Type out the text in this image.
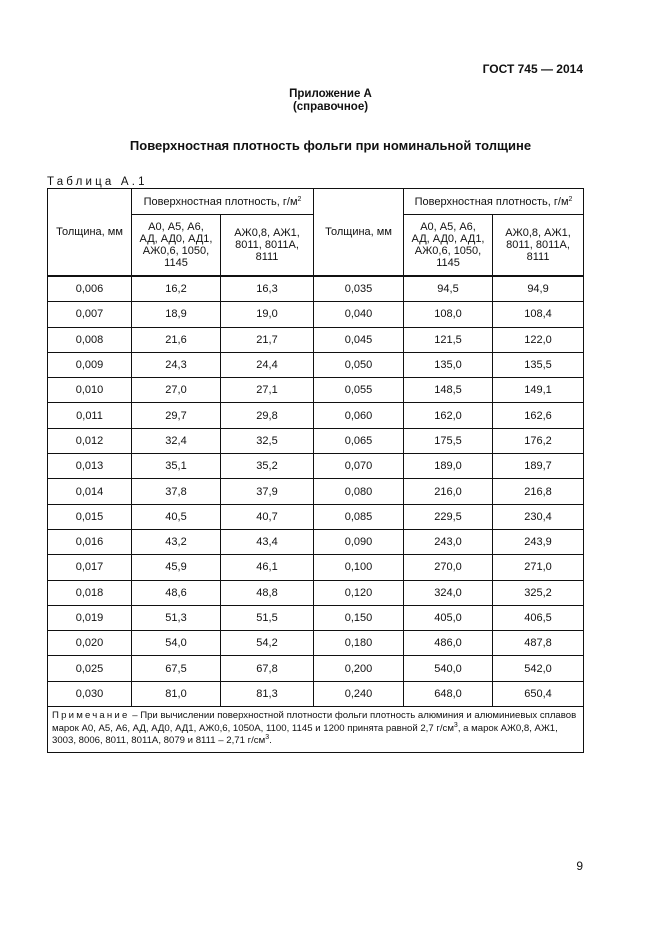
ГОСТ 745 — 2014
Приложение А
(справочное)
Поверхностная плотность фольги при номинальной толщине
Таблица А.1
Толщина, мм	Поверхностная плотность, $г/м^2$		Толщина, мм	Поверхностная плотность, $г/м^2$
	А0, А5, А6, АД, АД0, АД1, АЖ0,6, 1050, 1145	АЖ0,8, АЖ1, 8011, 8011А, 8111		А0, А5, А6, АД, АД0, АД1, АЖ0,6, 1050, 1145	АЖ0,8, АЖ1, 8011, 8011А, 8111
0,006	16,2	16,3	0,035	94,5	94,9
0,007	18,9	19,0	0,040	108,0	108,4
0,008	21,6	21,7	0,045	121,5	122,0
0,009	24,3	24,4	0,050	135,0	135,5
0,010	27,0	27,1	0,055	148,5	149,1
0,011	29,7	29,8	0,060	162,0	162,6
0,012	32,4	32,5	0,065	175,5	176,2
0,013	35,1	35,2	0,070	189,0	189,7
0,014	37,8	37,9	0,080	216,0	216,8
0,015	40,5	40,7	0,085	229,5	230,4
0,016	43,2	43,4	0,090	243,0	243,9
0,017	45,9	46,1	0,100	270,0	271,0
0,018	48,6	48,8	0,120	324,0	325,2
0,019	51,3	51,5	0,150	405,0	406,5
0,020	54,0	54,2	0,180	486,0	487,8
0,025	67,5	67,8	0,200	540,0	542,0
0,030	81,0	81,3	0,240	648,0	650,4
Примечание – При вычислении поверхностной плотности фольги плотность алюминия и алюминиевых сплавов марок А0, А5, А6, АД, АД0, АД1, АЖ0,6, 1050А, 1100, 1145 и 1200 принята равной 2,7 $г/см^3$, а марок АЖ0,8, АЖ1, 3003, 8006, 8011, 8011А, 8079 и 8111 – 2,71 $г/см^3$.					
9
